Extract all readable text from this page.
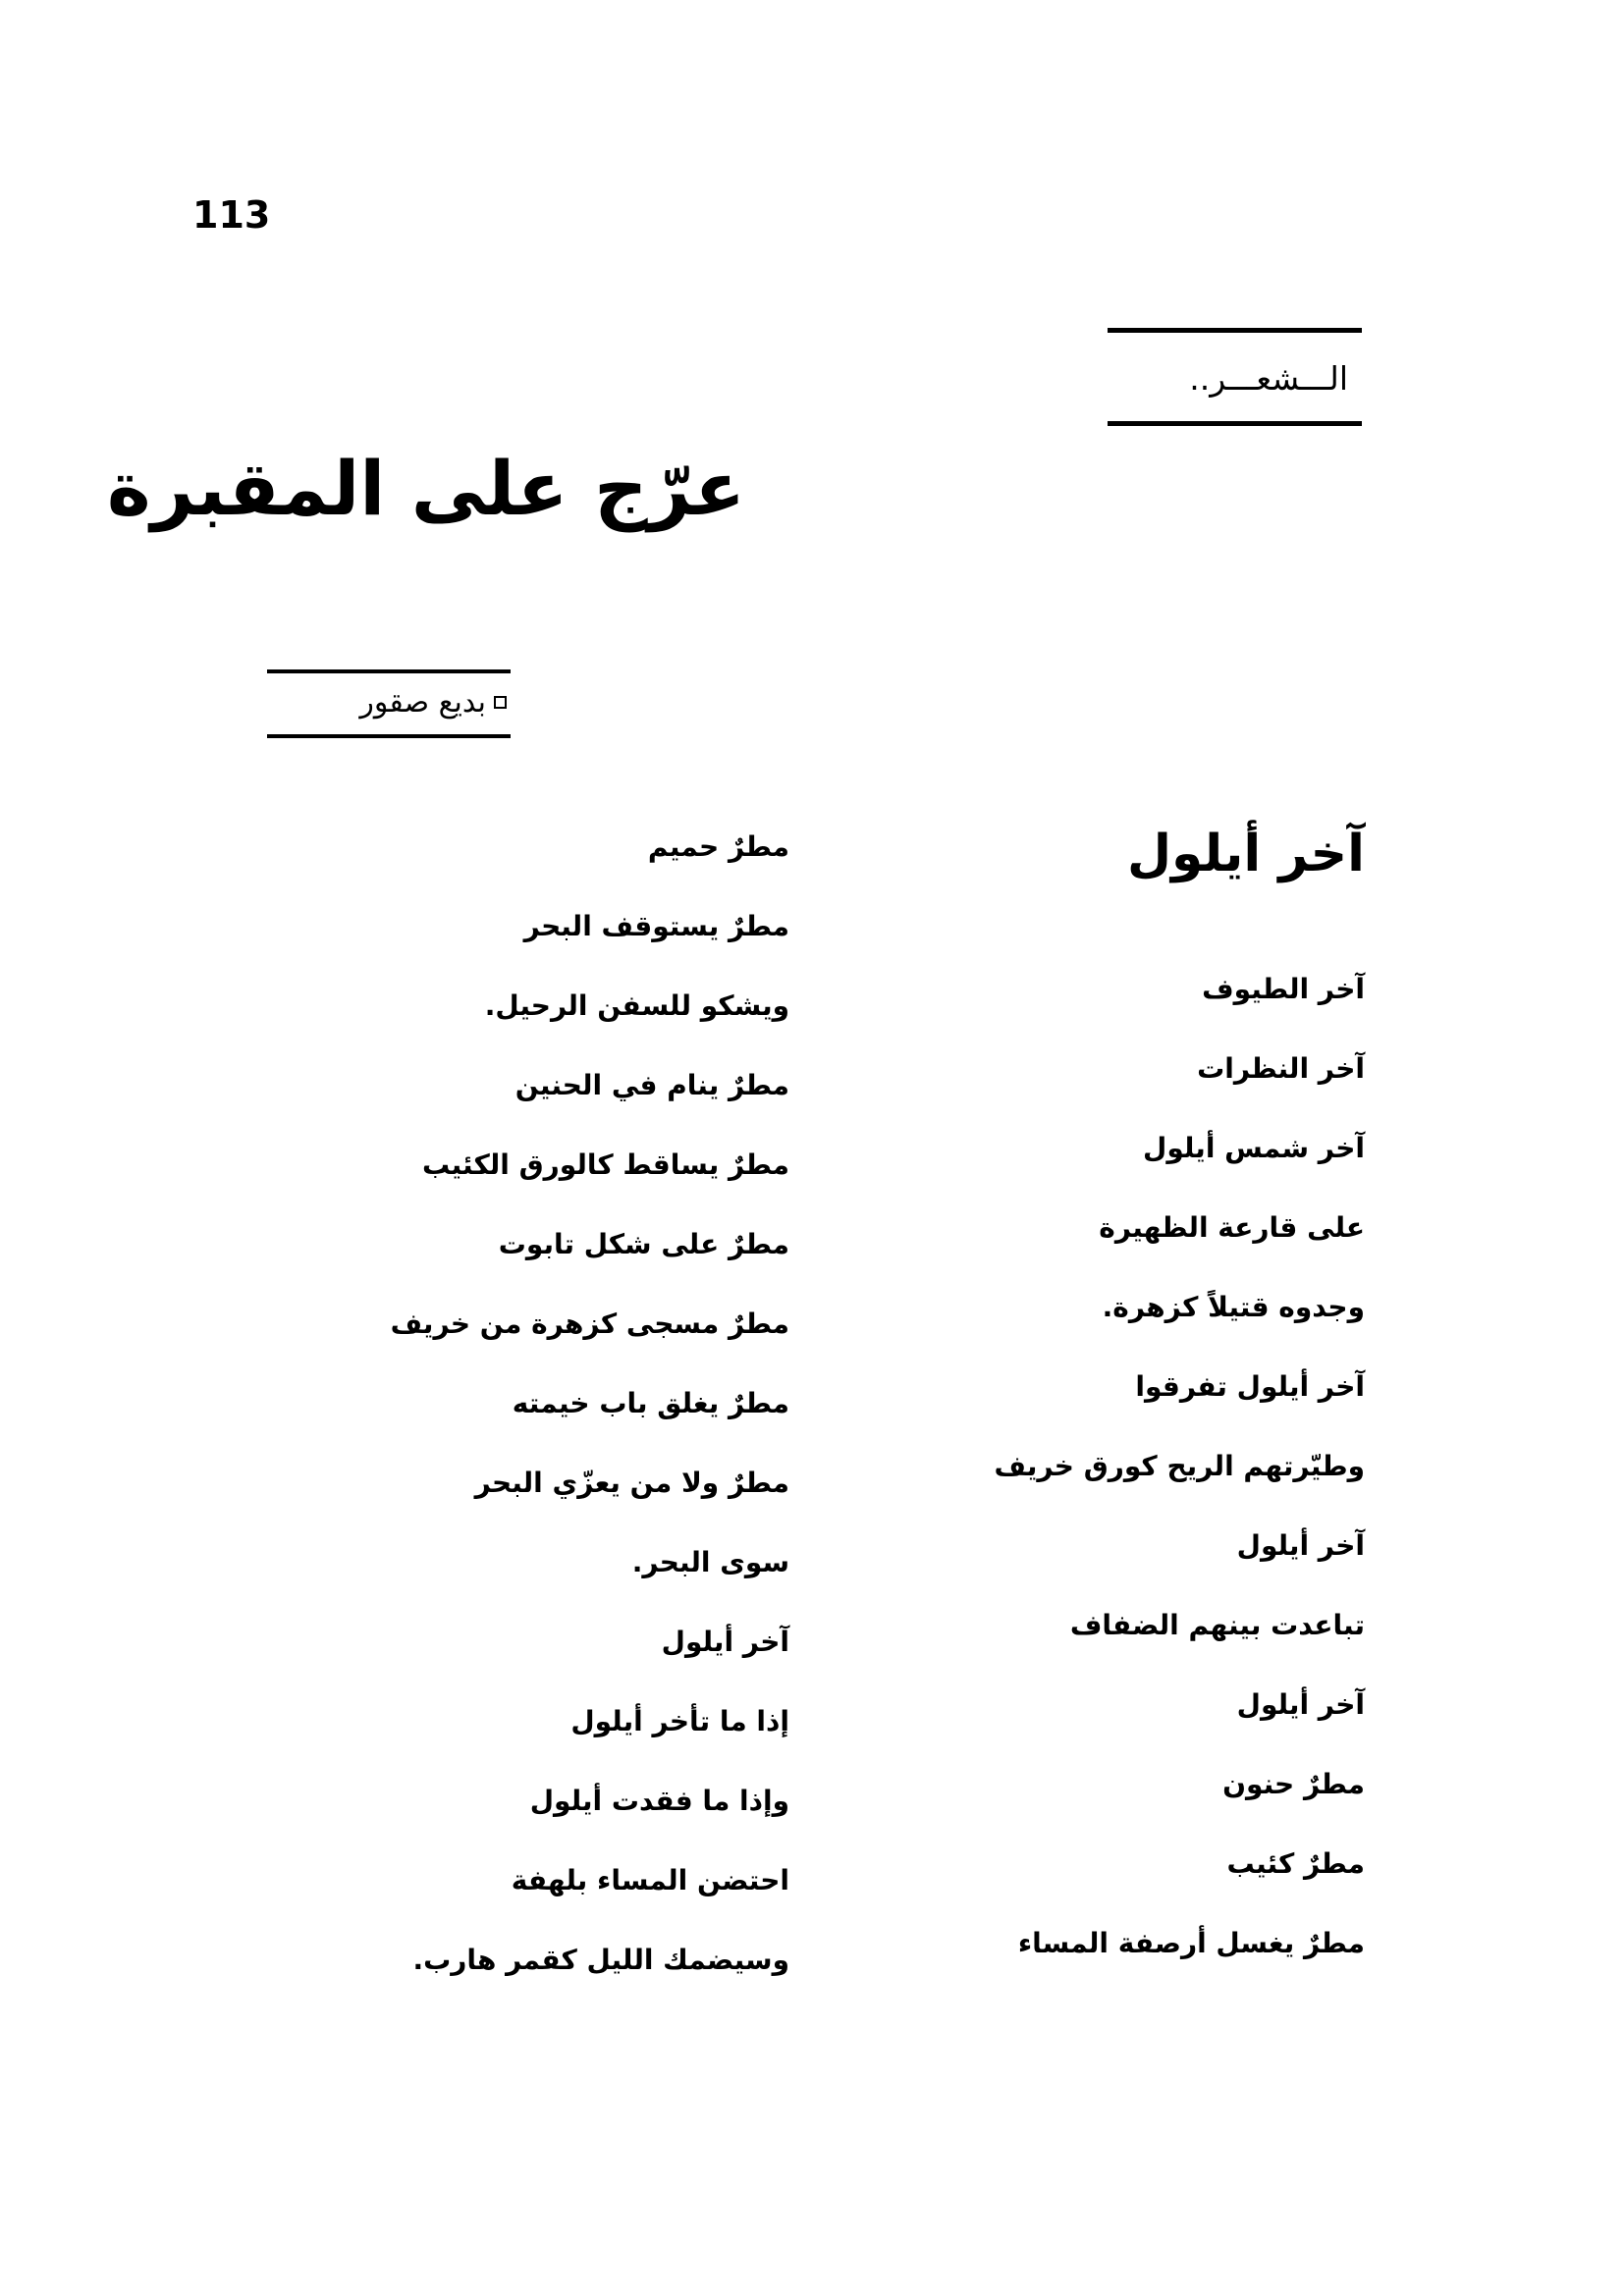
113
الـــشعـــر..
عرّج على المقبرة
بديع صقور
آخر أيلول
آخر الطيوف
آخر النظرات
آخر شمس أيلول
على قارعة الظهيرة
وجدوه قتيلاً كزهرة.
آخر أيلول تفرقوا
وطيّرتهم الريح كورق خريف
آخر أيلول
تباعدت بينهم الضفاف
آخر أيلول
مطرٌ حنون
مطرٌ كئيب
مطرٌ يغسل أرصفة المساء
مطرٌ حميم
مطرٌ يستوقف البحر
ويشكو للسفن الرحيل.
مطرٌ ينام في الحنين
مطرٌ يساقط كالورق الكئيب
مطرٌ على شكل تابوت
مطرٌ مسجى كزهرة من خريف
مطرٌ يغلق باب خيمته
مطرٌ ولا من يعزّي البحر
سوى البحر.
آخر أيلول
إذا ما تأخر أيلول
وإذا ما فقدت أيلول
احتضن المساء بلهفة
وسيضمك الليل كقمر هارب.
